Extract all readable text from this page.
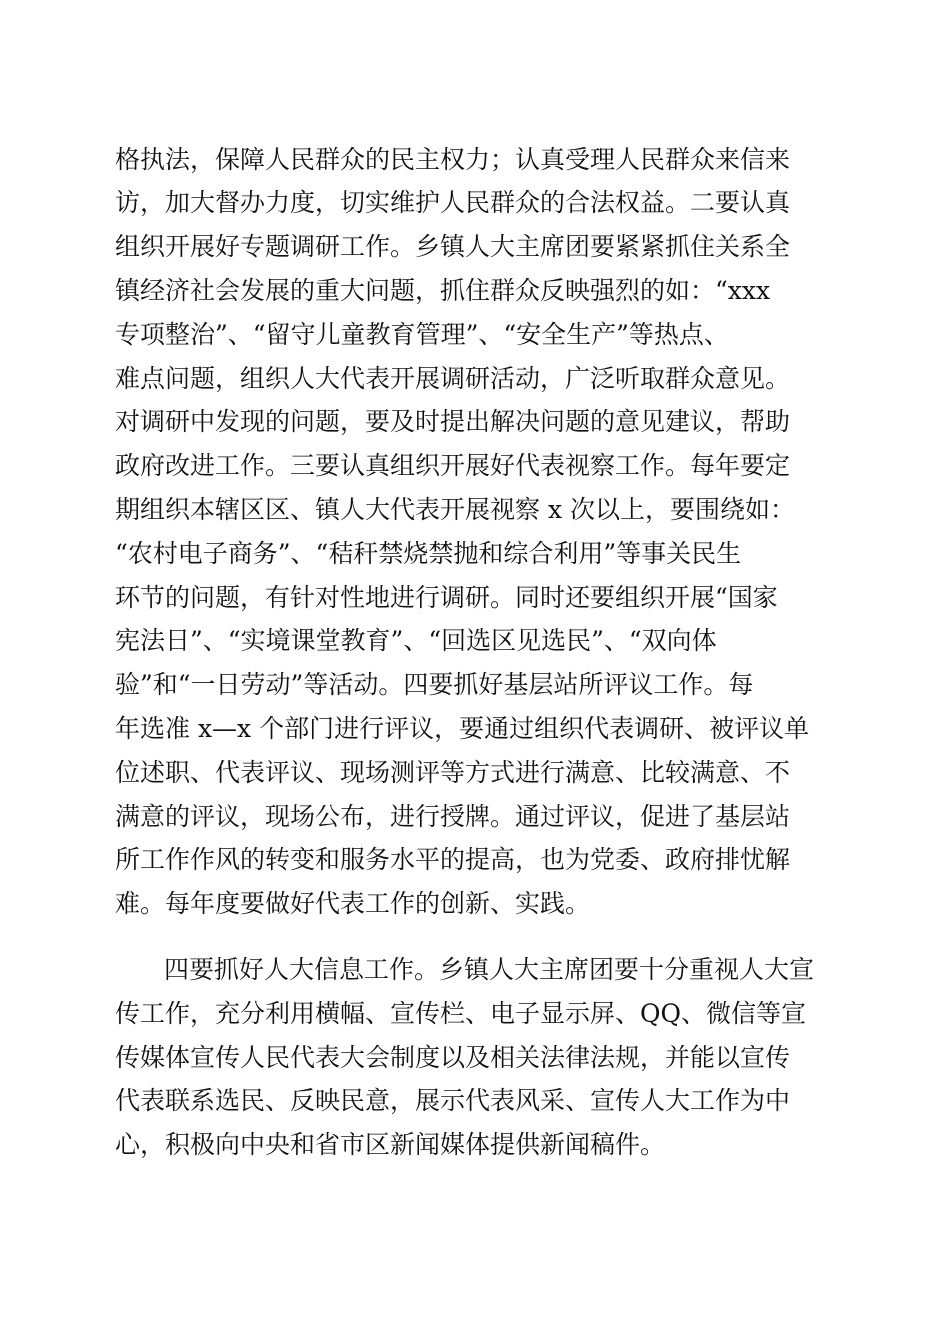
格执法，保障人民群众的民主权力；认真受理人民群众来信来
访，加大督办力度，切实维护人民群众的合法权益。二要认真
组织开展好专题调研工作。乡镇人大主席团要紧紧抓住关系全
镇经济社会发展的重大问题，抓住群众反映强烈的如：“xxx
专项整治”、“留守儿童教育管理”、“安全生产”等热点、
难点问题，组织人大代表开展调研活动，广泛听取群众意见。
对调研中发现的问题，要及时提出解决问题的意见建议，帮助
政府改进工作。三要认真组织开展好代表视察工作。每年要定
期组织本辖区区、镇人大代表开展视察 x 次以上，要围绕如：
“农村电子商务”、“秸秆禁烧禁抛和综合利用”等事关民生
环节的问题，有针对性地进行调研。同时还要组织开展“国家
宪法日”、“实境课堂教育”、“回选区见选民”、“双向体
验”和“一日劳动”等活动。四要抓好基层站所评议工作。每
年选准 x—x 个部门进行评议，要通过组织代表调研、被评议单
位述职、代表评议、现场测评等方式进行满意、比较满意、不
满意的评议，现场公布，进行授牌。通过评议，促进了基层站
所工作作风的转变和服务水平的提高，也为党委、政府排忧解
难。每年度要做好代表工作的创新、实践。
四要抓好人大信息工作。乡镇人大主席团要十分重视人大宣
传工作，充分利用横幅、宣传栏、电子显示屏、QQ、微信等宣
传媒体宣传人民代表大会制度以及相关法律法规，并能以宣传
代表联系选民、反映民意，展示代表风采、宣传人大工作为中
心，积极向中央和省市区新闻媒体提供新闻稿件。
